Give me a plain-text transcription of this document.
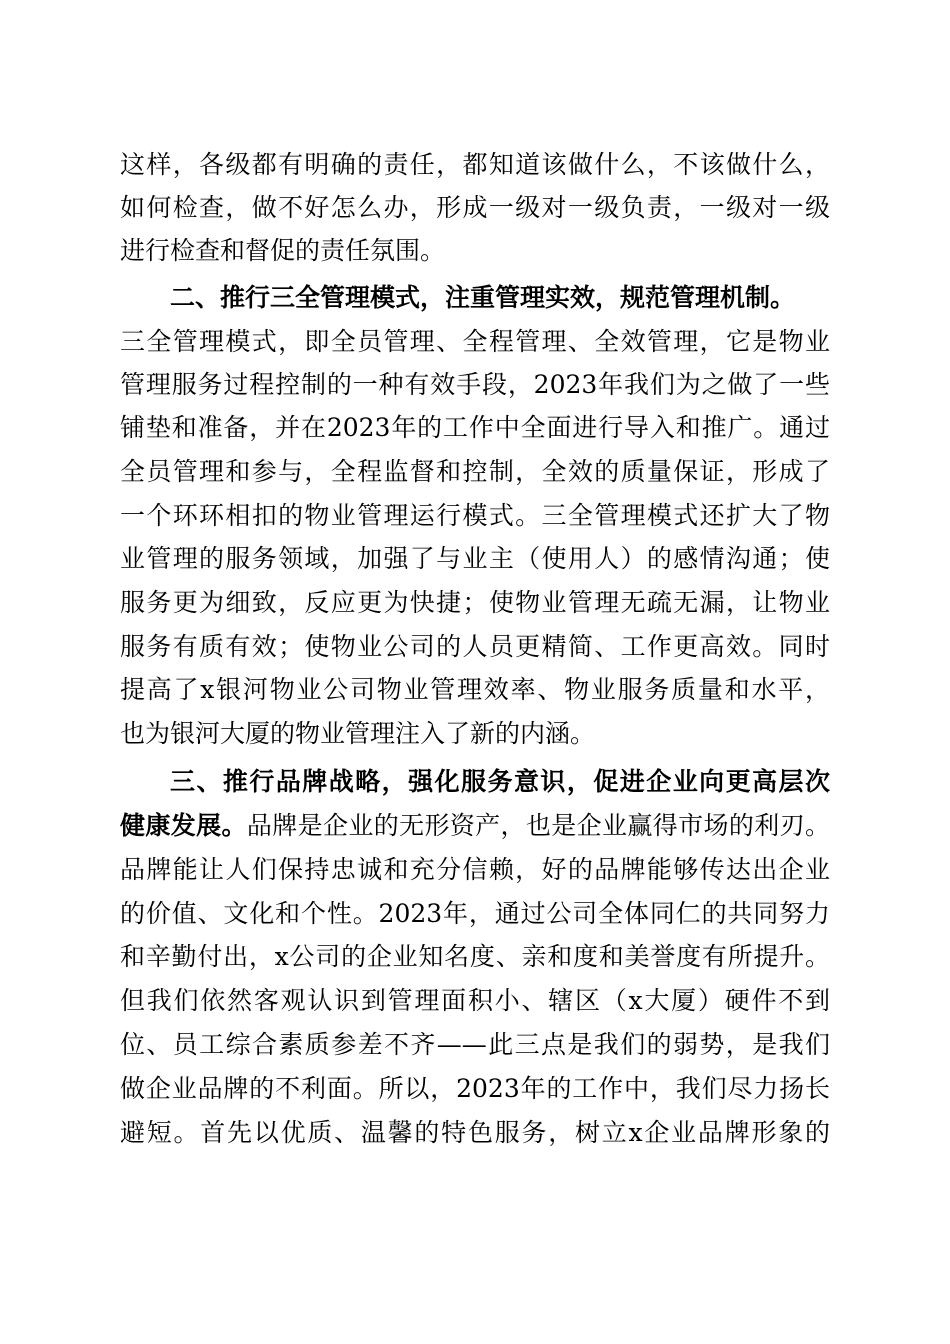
这样，各级都有明确的责任，都知道该做什么，不该做什么，
如何检查，做不好怎么办，形成一级对一级负责，一级对一级
进行检查和督促的责任氛围。
二、推行三全管理模式，注重管理实效，规范管理机制。
三全管理模式，即全员管理、全程管理、全效管理，它是物业
管理服务过程控制的一种有效手段，2023年我们为之做了一些
铺垫和准备，并在2023年的工作中全面进行导入和推广。通过
全员管理和参与，全程监督和控制，全效的质量保证，形成了
一个环环相扣的物业管理运行模式。三全管理模式还扩大了物
业管理的服务领域，加强了与业主（使用人）的感情沟通；使
服务更为细致，反应更为快捷；使物业管理无疏无漏，让物业
服务有质有效；使物业公司的人员更精简、工作更高效。同时
提高了x银河物业公司物业管理效率、物业服务质量和水平，
也为银河大厦的物业管理注入了新的内涵。
三、推行品牌战略，强化服务意识，促进企业向更高层次
健康发展。品牌是企业的无形资产，也是企业赢得市场的利刃。
品牌能让人们保持忠诚和充分信赖，好的品牌能够传达出企业
的价值、文化和个性。2023年，通过公司全体同仁的共同努力
和辛勤付出，x公司的企业知名度、亲和度和美誉度有所提升。
但我们依然客观认识到管理面积小、辖区（x大厦）硬件不到
位、员工综合素质参差不齐——此三点是我们的弱势，是我们
做企业品牌的不利面。所以，2023年的工作中，我们尽力扬长
避短。首先以优质、温馨的特色服务，树立x企业品牌形象的
